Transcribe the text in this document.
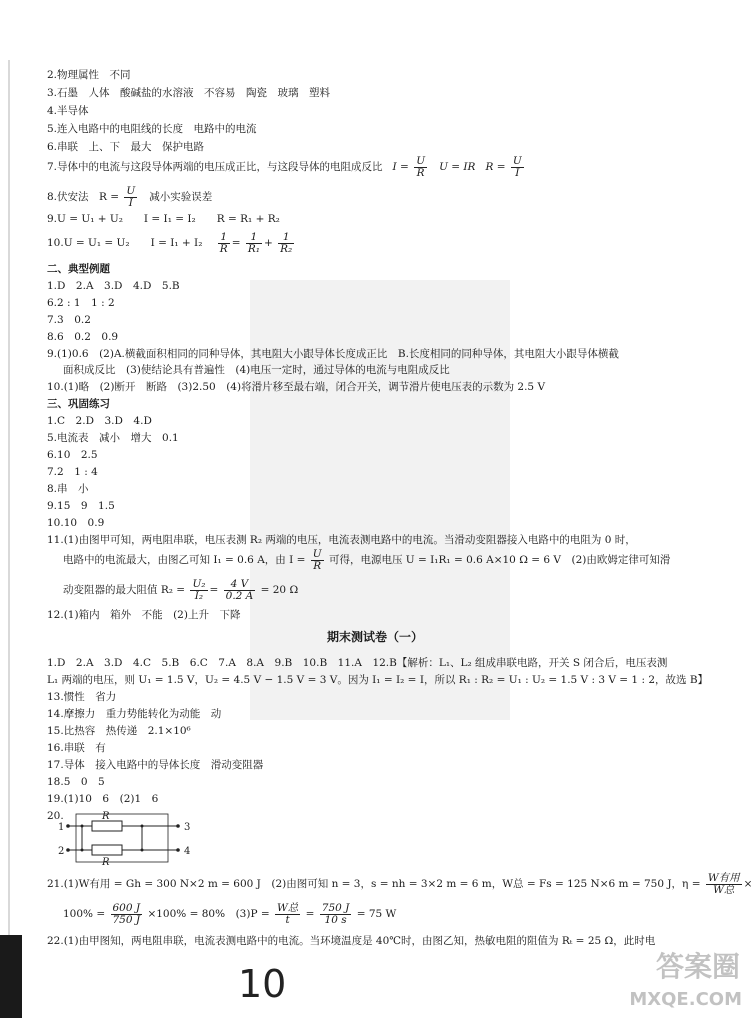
2.物理属性　不同
3.石墨　人体　酸碱盐的水溶液　不容易　陶瓷　玻璃　塑料
4.半导体
5.连入电路中的电阻线的长度　电路中的电流
6.串联　上、下　最大　保护电路
7.导体中的电流与这段导体两端的电压成正比，与这段导体的电阻成反比 $I = \frac{U}{R}$ U = IR $R = \frac{U}{I}$
8.伏安法　$R = \frac{U}{I}$ 减小实验误差
9.U = U₁ + U₂　　I = I₁ = I₂　　R = R₁ + R₂
10.U = U₁ = U₂　　$I = I_1 + I_2 \frac{1}{R} = \frac{1}{\text{R₁}} + \frac{1}{\text{R₂}}$
二、典型例题
1.D　2.A　3.D　4.D　5.B
6.2 : 1　1 : 2
7.3　0.2
8.6　0.2　0.9
9.(1)0.6　(2)A.横截面积相同的同种导体，其电阻大小跟导体长度成正比　B.长度相同的同种导体，其电阻大小跟导体横截
面积成反比　(3)使结论具有普遍性　(4)电压一定时，通过导体的电流与电阻成反比
10.(1)略　(2)断开　断路　(3)2.50　(4)将滑片移至最右端，闭合开关，调节滑片使电压表的示数为 2.5 V
三、巩固练习
1.C　2.D　3.D　4.D
5.电流表　减小　增大　0.1
6.10　2.5
7.2　1 : 4
8.串　小
9.15　9　1.5
10.10　0.9
11.(1)由图甲可知，两电阻串联，电压表测 R₂ 两端的电压，电流表测电路中的电流。当滑动变阻器接入电路中的电阻为 0 时，
电路中的电流最大，由图乙可知 I₁ = 0.6 A，由 $I = \frac{U}{R}$ 可得，电源电压 U = I₁R₁ = 0.6 A×10 Ω = 6 V　(2)由欧姆定律可知滑
动变阻器的最大阻值 $R_2 = \frac{\text{U₂}}{\text{I₂}} = \frac{4 V}{0.2 A} = 20$ Ω
12.(1)箱内　箱外　不能　(2)上升　下降
期末测试卷（一）
1.D　2.A　3.D　4.C　5.B　6.C　7.A　8.A　9.B　10.B　11.A　12.B【解析：L₁、L₂ 组成串联电路，开关 S 闭合后，电压表测
L₁ 两端的电压，则 U₁ = 1.5 V，U₂ = 4.5 V − 1.5 V = 3 V。因为 I₁ = I₂ = I，所以 R₁ : R₂ = U₁ : U₂ = 1.5 V : 3 V = 1 : 2，故选 B】
13.惯性　省力
14.摩擦力　重力势能转化为动能　动
15.比热容　热传递　2.1×10⁶
16.串联　有
17.导体　接入电路中的导体长度　滑动变阻器
18.5　0　5
19.(1)10　6　(2)1　6
20.
1
2
3
4
R
R
21.(1)W有用 = Gh = 300 N×2 m = 600 J　(2)由图可知 n = 3，s = nh = 3×2 m = 6 m，W总 = Fs = 125 N×6 m = 750 J，$\eta = \frac{\text{W有用}}{\text{W总}}$ ×
$100\% = \frac{600 J}{750 J} \times 100\% = 80\%$　$(3)P = \frac{\text{W总}}{t} = \frac{750 J}{10 s} = 75$ W
22.(1)由甲图知，两电阻串联，电流表测电路中的电流。当环境温度是 40℃时，由图乙知，热敏电阻的阻值为 Rₜ = 25 Ω，此时电
10	答案圈
MXQE.COM
